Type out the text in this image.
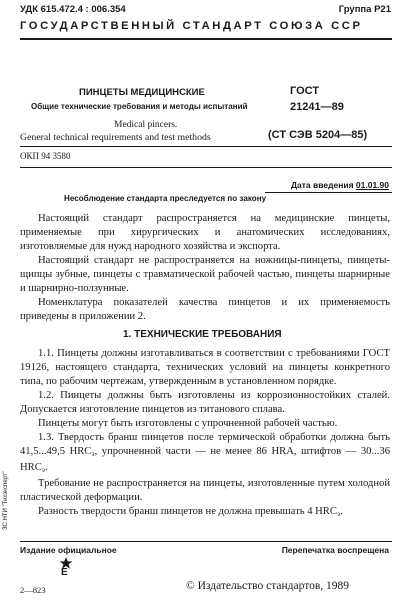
УДК 615.472.4 : 006.354	Группа Р21
ГОСУДАРСТВЕННЫЙ СТАНДАРТ СОЮЗА ССР
ПИНЦЕТЫ МЕДИЦИНСКИЕ
Общие технические требования и методы испытаний
Medical pincers.
General technical requirements and test methods
ГОСТ
21241—89
(СТ СЭВ 5204—85)
ОКП 94 3580
Дата введения 01.01.90
Несоблюдение стандарта преследуется по закону

Настоящий стандарт распространяется на медицинские пинцеты, применяемые при хирургических и анатомических исследованиях, изготовляемые для нужд народного хозяйства и экспорта.

Настоящий стандарт не распространяется на ножницы-пинцеты, пинцеты-щипцы зубные, пинцеты с травматической рабочей частью, пинцеты шарнирные и шарнирно-ползунные.

Номенклатура показателей качества пинцетов и их применяемость приведены в приложении 2.

1. ТЕХНИЧЕСКИЕ ТРЕБОВАНИЯ

1.1. Пинцеты должны изготавливаться в соответствии с требованиями ГОСТ 19126, настоящего стандарта, технических условий на пинцеты конкретного типа, по рабочим чертежам, утвержденным в установленном порядке.

1.2. Пинцеты должны быть изготовлены из коррозионностойких сталей. Допускается изготовление пинцетов из титанового сплава.

Пинцеты могут быть изготовлены с упрочненной рабочей частью.

1.3. Твердость бранш пинцетов после термической обработки должна быть 41,5...49,5 $HRC_э$, упрочненной части — не менее 86 HRA, штифтов — 30...36 $HRC_э$.

Требование не распространяется на пинцеты, изготовленные путем холодной пластической деформации.

Разность твердости бранш пинцетов не должна превышать 4 $HRC_э$.

ЗС НТИ "Техэксперт"
Издание официальное	Перепечатка воспрещена
E
© Издательство стандартов, 1989
2—823
